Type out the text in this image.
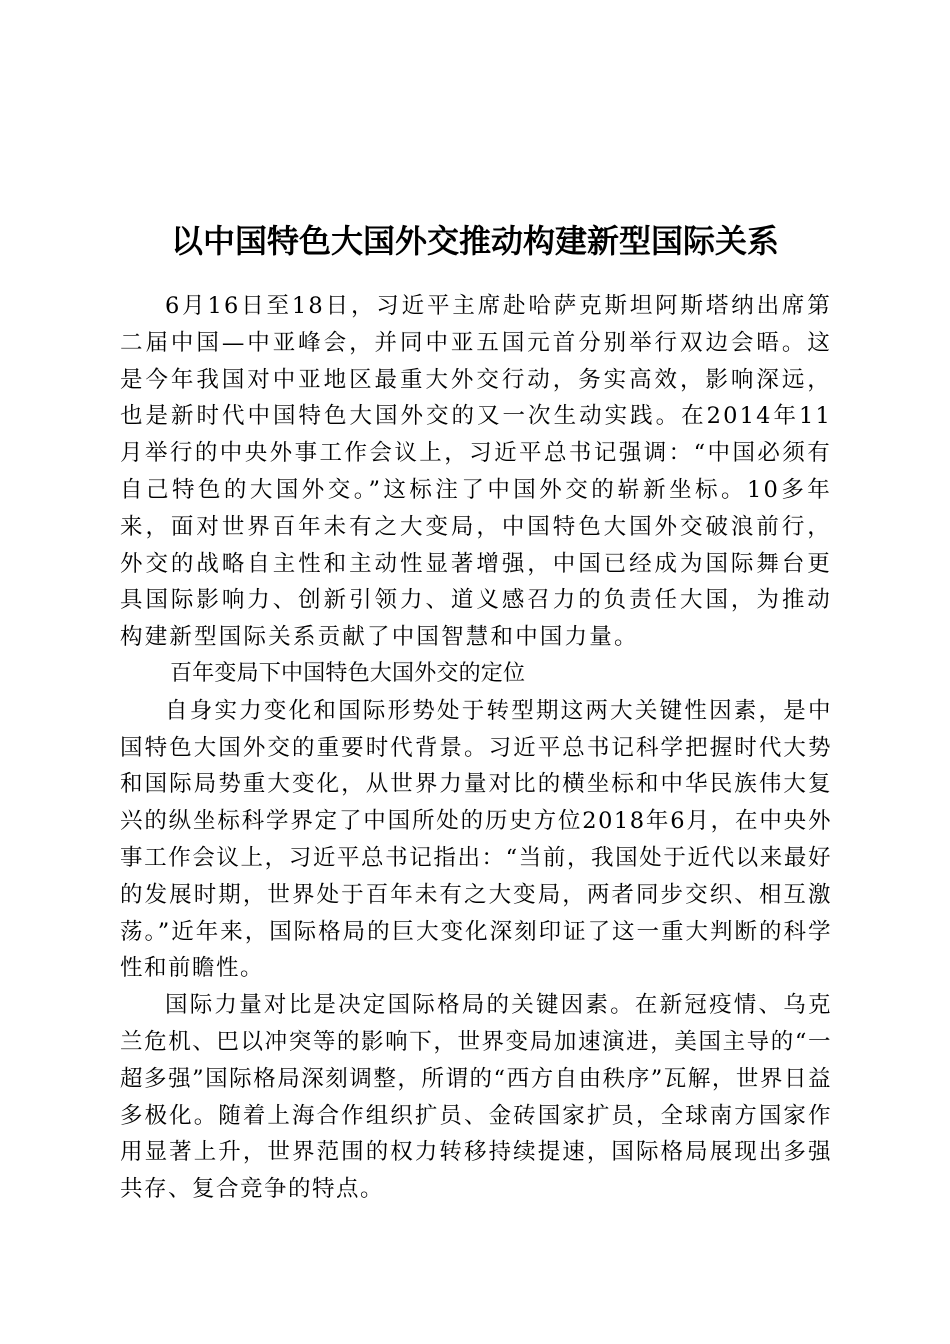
以中国特色大国外交推动构建新型国际关系

6月16日至18日，习近平主席赴哈萨克斯坦阿斯塔纳出席第二届中国—中亚峰会，并同中亚五国元首分别举行双边会晤。这是今年我国对中亚地区最重大外交行动，务实高效，影响深远，也是新时代中国特色大国外交的又一次生动实践。在2014年11月举行的中央外事工作会议上，习近平总书记强调：“中国必须有自己特色的大国外交。”这标注了中国外交的崭新坐标。10多年来，面对世界百年未有之大变局，中国特色大国外交破浪前行，外交的战略自主性和主动性显著增强，中国已经成为国际舞台更具国际影响力、创新引领力、道义感召力的负责任大国，为推动构建新型国际关系贡献了中国智慧和中国力量。

百年变局下中国特色大国外交的定位

自身实力变化和国际形势处于转型期这两大关键性因素，是中国特色大国外交的重要时代背景。习近平总书记科学把握时代大势和国际局势重大变化，从世界力量对比的横坐标和中华民族伟大复兴的纵坐标科学界定了中国所处的历史方位2018年6月，在中央外事工作会议上，习近平总书记指出：“当前，我国处于近代以来最好的发展时期，世界处于百年未有之大变局，两者同步交织、相互激荡。”近年来，国际格局的巨大变化深刻印证了这一重大判断的科学性和前瞻性。

国际力量对比是决定国际格局的关键因素。在新冠疫情、乌克兰危机、巴以冲突等的影响下，世界变局加速演进，美国主导的“一超多强”国际格局深刻调整，所谓的“西方自由秩序”瓦解，世界日益多极化。随着上海合作组织扩员、金砖国家扩员，全球南方国家作用显著上升，世界范围的权力转移持续提速，国际格局展现出多强共存、复合竞争的特点。
